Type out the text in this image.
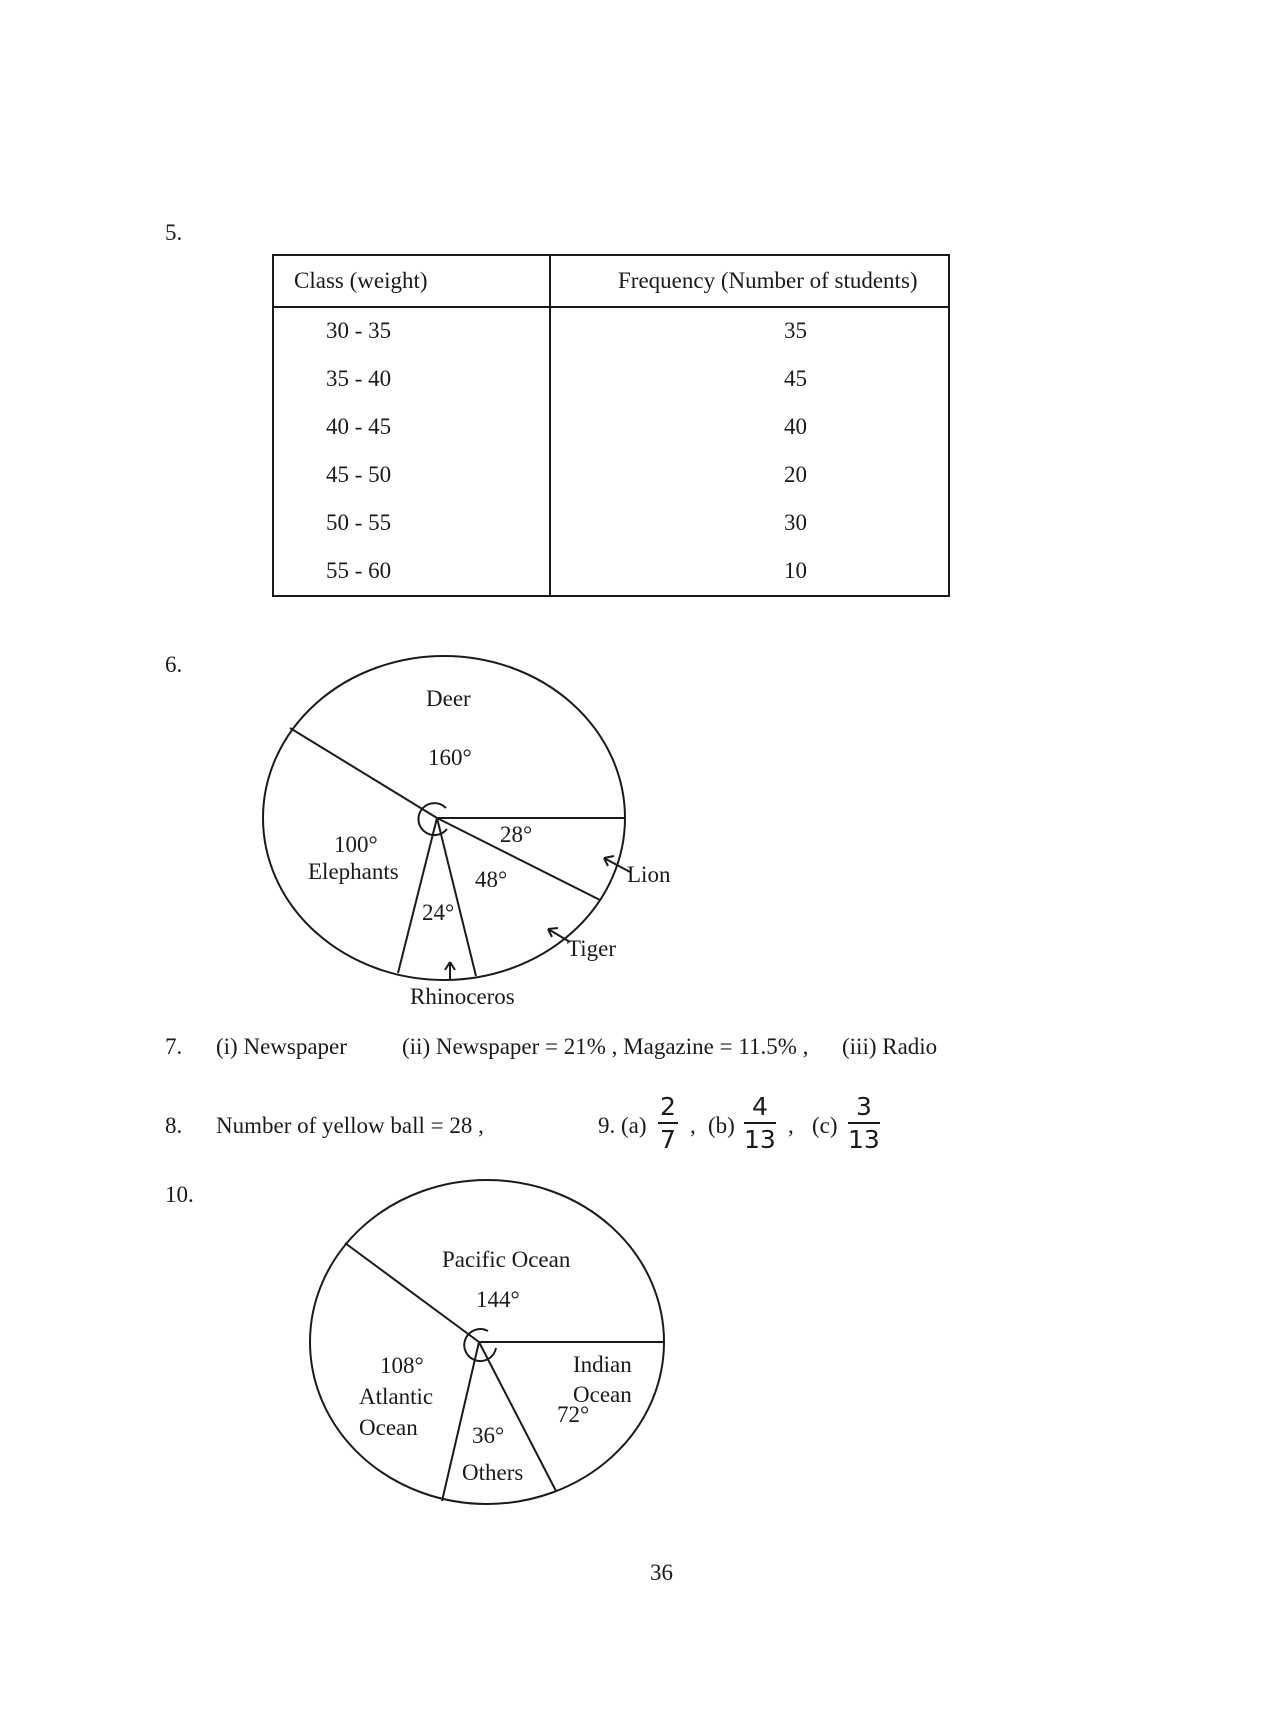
5.
Class (weight)	Frequency (Number of students)
30 - 35	35
35 - 40	45
40 - 45	40
45 - 50	20
50 - 55	30
55 - 60	10
6.
Deer
160°
28°
Lion
48°
Tiger
24°
Rhinoceros
100°
Elephants
Pacific Ocean
144°
Indian
Ocean
72°
36°
Others
108°
Atlantic
Ocean
7. (i) Newspaper (ii) Newspaper = 21% , Magazine = 11.5% , (iii) Radio
8. Number of yellow ball = 28 ,	9. $(a) \frac{2}{7}$ , $(b) \frac{4}{13}$ , $(c) \frac{3}{13}$
10.
36
